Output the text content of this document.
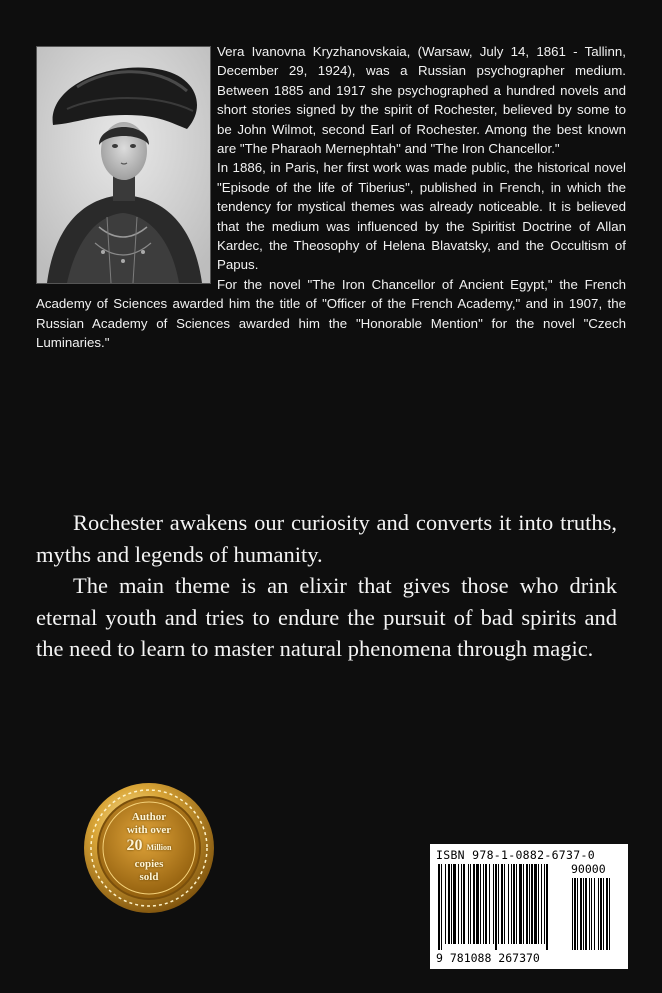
Vera Ivanovna Kryzhanovskaia, (Warsaw, July 14, 1861 - Tallinn, December 29, 1924), was a Russian psychographer medium. Between 1885 and 1917 she psychographed a hundred novels and short stories signed by the spirit of Rochester, believed by some to be John Wilmot, second Earl of Rochester. Among the best known are "The Pharaoh Mernephtah" and "The Iron Chancellor."

In 1886, in Paris, her first work was made public, the historical novel "Episode of the life of Tiberius", published in French, in which the tendency for mystical themes was already noticeable. It is believed that the medium was influenced by the Spiritist Doctrine of Allan Kardec, the Theosophy of Helena Blavatsky, and the Occultism of Papus.

For the novel "The Iron Chancellor of Ancient Egypt," the French Academy of Sciences awarded him the title of "Officer of the French Academy," and in 1907, the Russian Academy of Sciences awarded him the "Honorable Mention" for the novel "Czech Luminaries."

Rochester awakens our curiosity and converts it into truths, myths and legends of humanity.

The main theme is an elixir that gives those who drink eternal youth and tries to endure the pursuit of bad spirits and the need to learn to master natural phenomena through magic.

Author
with over
20 Million
copies
sold
ISBN 978-1-0882-6737-0
90000
9 781088 267370
